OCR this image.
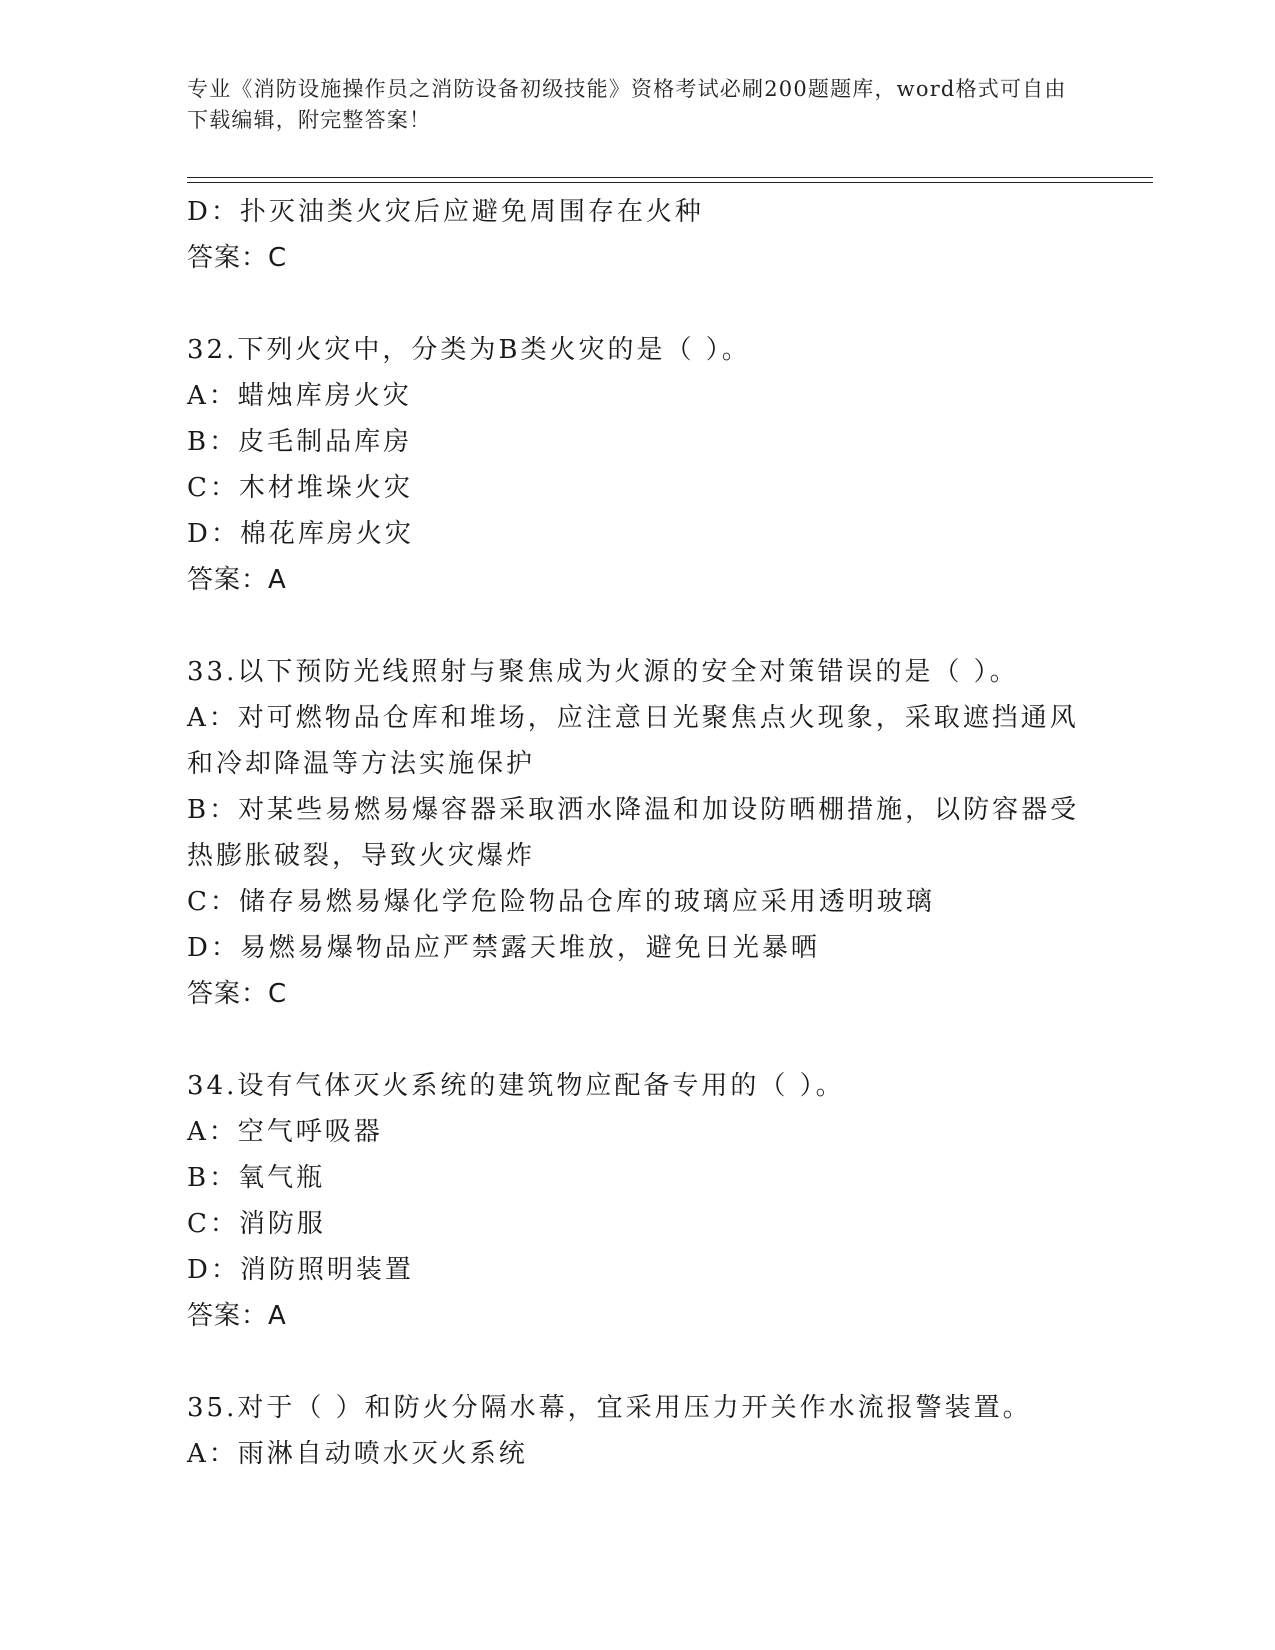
专业《消防设施操作员之消防设备初级技能》资格考试必刷200题题库，word格式可自由下载编辑，附完整答案！
D：扑灭油类火灾后应避免周围存在火种
答案：C
32.下列火灾中，分类为B类火灾的是（ ）。
A：蜡烛库房火灾
B：皮毛制品库房
C：木材堆垛火灾
D：棉花库房火灾
答案：A
33.以下预防光线照射与聚焦成为火源的安全对策错误的是（ ）。
A：对可燃物品仓库和堆场，应注意日光聚焦点火现象，采取遮挡通风和冷却降温等方法实施保护
B：对某些易燃易爆容器采取洒水降温和加设防晒棚措施，以防容器受热膨胀破裂，导致火灾爆炸
C：储存易燃易爆化学危险物品仓库的玻璃应采用透明玻璃
D：易燃易爆物品应严禁露天堆放，避免日光暴晒
答案：C
34.设有气体灭火系统的建筑物应配备专用的（ ）。
A：空气呼吸器
B：氧气瓶
C：消防服
D：消防照明装置
答案：A
35.对于（ ）和防火分隔水幕，宜采用压力开关作水流报警装置。
A：雨淋自动喷水灭火系统
